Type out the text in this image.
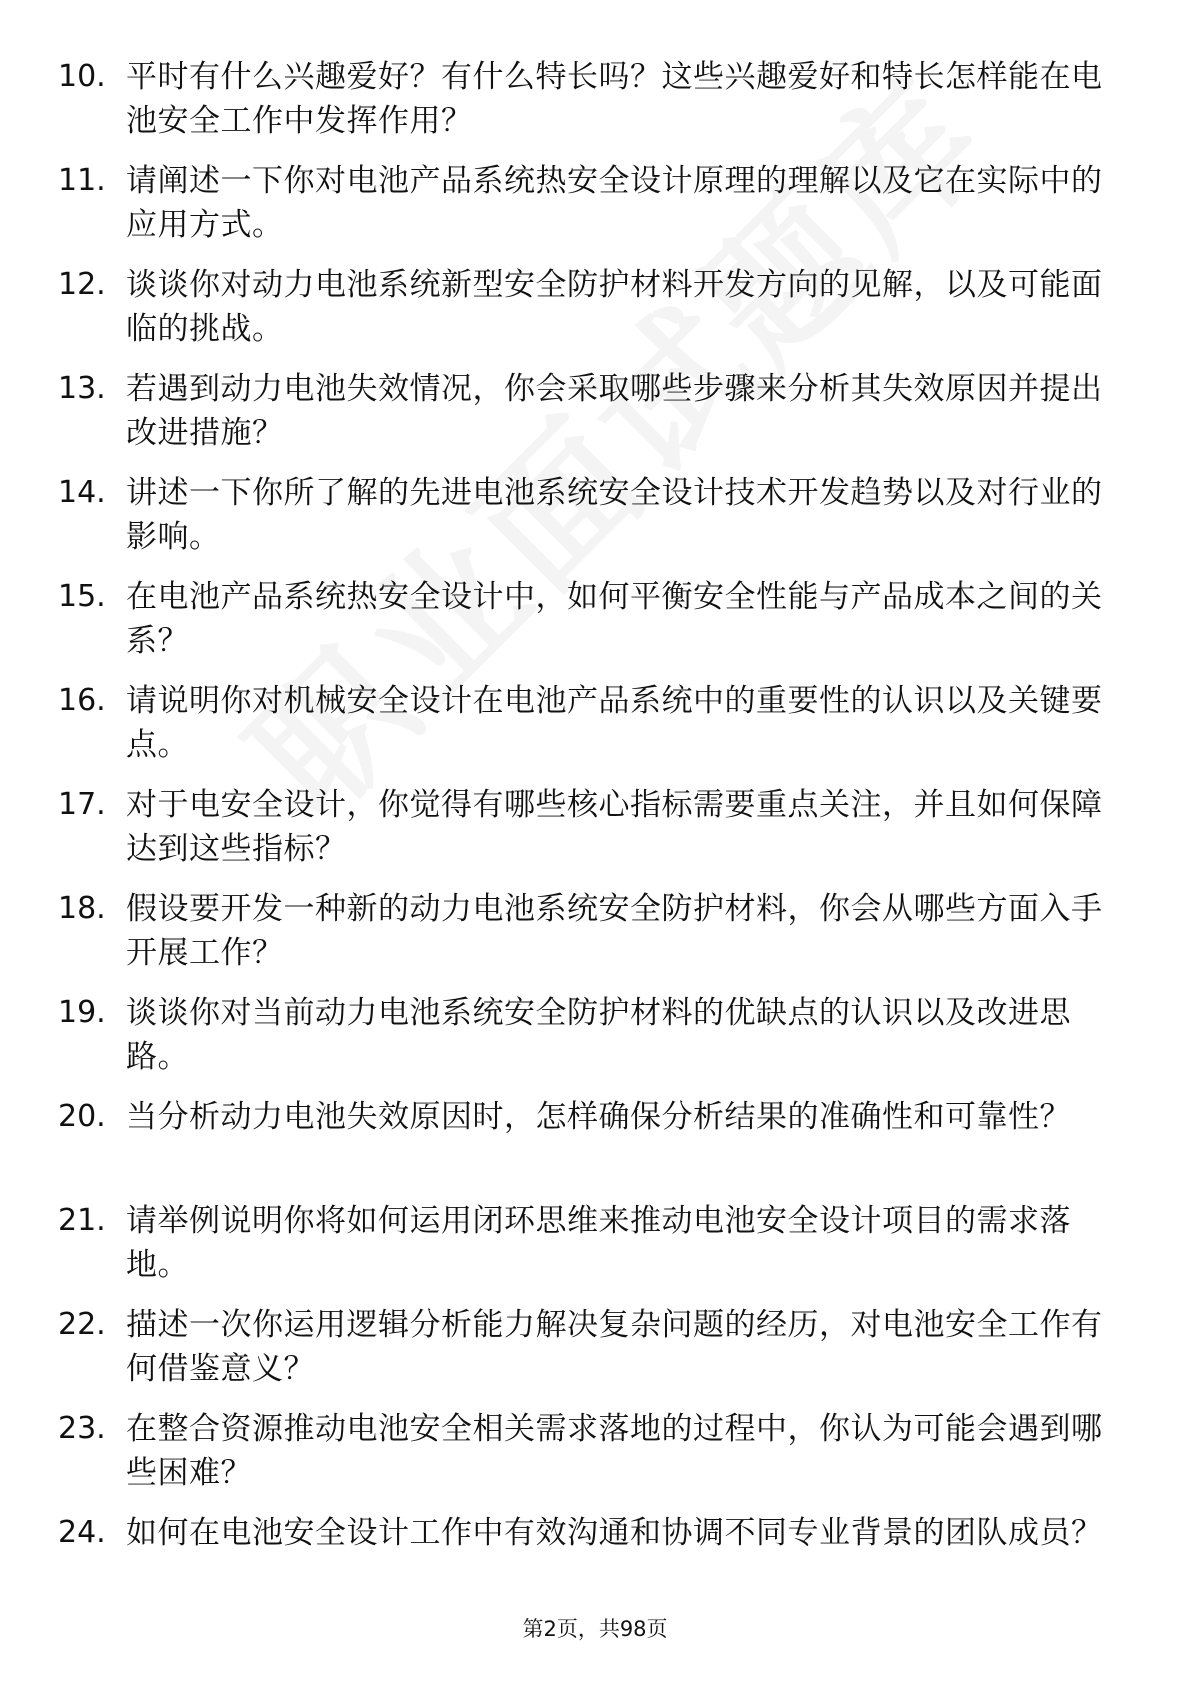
10. 平时有什么兴趣爱好？有什么特长吗？这些兴趣爱好和特长怎样能在电池安全工作中发挥作用？
11. 请阐述一下你对电池产品系统热安全设计原理的理解以及它在实际中的应用方式。
12. 谈谈你对动力电池系统新型安全防护材料开发方向的见解，以及可能面临的挑战。
13. 若遇到动力电池失效情况，你会采取哪些步骤来分析其失效原因并提出改进措施？
14. 讲述一下你所了解的先进电池系统安全设计技术开发趋势以及对行业的影响。
15. 在电池产品系统热安全设计中，如何平衡安全性能与产品成本之间的关系？
16. 请说明你对机械安全设计在电池产品系统中的重要性的认识以及关键要点。
17. 对于电安全设计，你觉得有哪些核心指标需要重点关注，并且如何保障达到这些指标？
18. 假设要开发一种新的动力电池系统安全防护材料，你会从哪些方面入手开展工作？
19. 谈谈你对当前动力电池系统安全防护材料的优缺点的认识以及改进思路。
20. 当分析动力电池失效原因时，怎样确保分析结果的准确性和可靠性？
21. 请举例说明你将如何运用闭环思维来推动电池安全设计项目的需求落地。
22. 描述一次你运用逻辑分析能力解决复杂问题的经历，对电池安全工作有何借鉴意义？
23. 在整合资源推动电池安全相关需求落地的过程中，你认为可能会遇到哪些困难？
24. 如何在电池安全设计工作中有效沟通和协调不同专业背景的团队成员？
第2页，共98页
